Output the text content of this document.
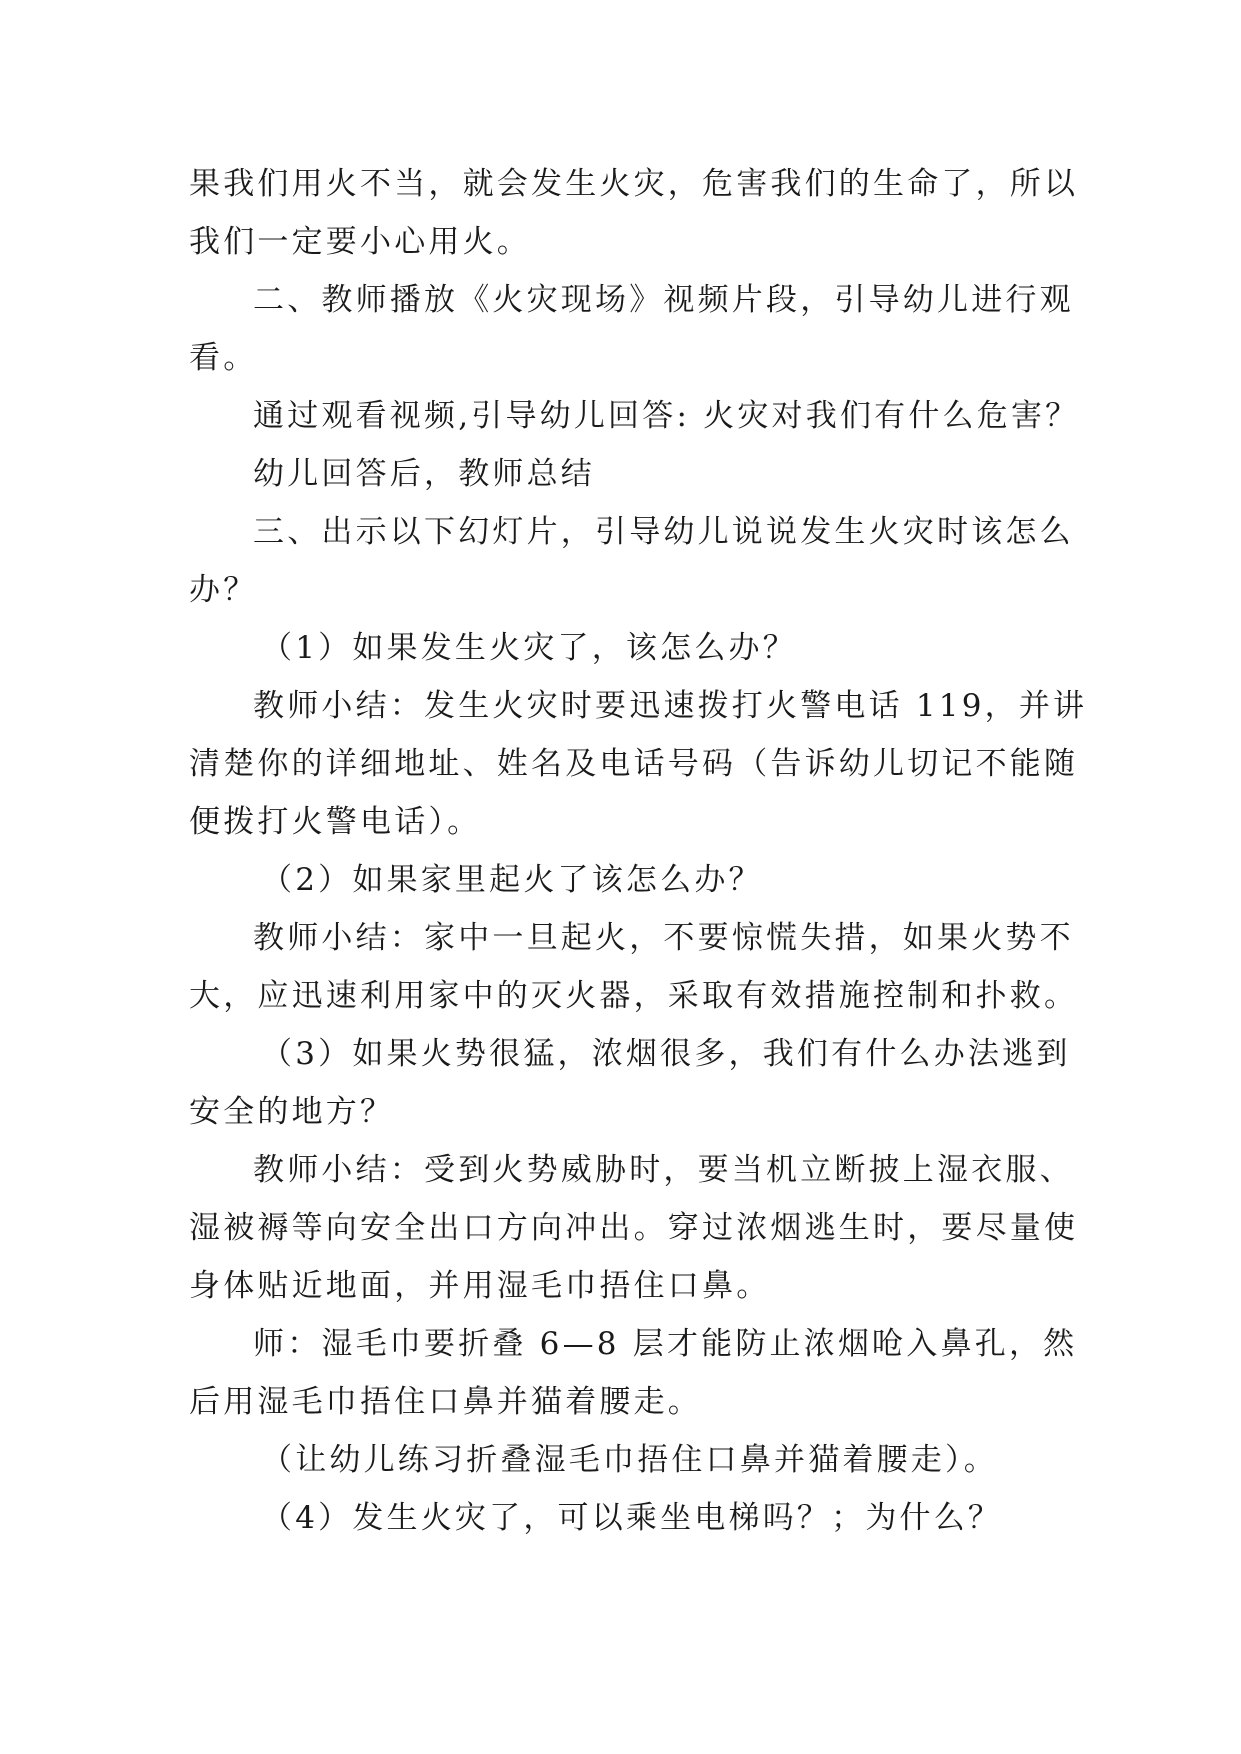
果我们用火不当，就会发生火灾，危害我们的生命了，所以
我们一定要小心用火。
二、教师播放《火灾现场》视频片段，引导幼儿进行观
看。
通过观看视频,引导幼儿回答: 火灾对我们有什么危害？
幼儿回答后，教师总结
三、出示以下幻灯片，引导幼儿说说发生火灾时该怎么
办？
（1）如果发生火灾了，该怎么办？
教师小结：发生火灾时要迅速拨打火警电话 119，并讲
清楚你的详细地址、姓名及电话号码（告诉幼儿切记不能随
便拨打火警电话）。
（2）如果家里起火了该怎么办？
教师小结：家中一旦起火，不要惊慌失措，如果火势不
大，应迅速利用家中的灭火器，采取有效措施控制和扑救。
（3）如果火势很猛，浓烟很多，我们有什么办法逃到
安全的地方？
教师小结：受到火势威胁时，要当机立断披上湿衣服、
湿被褥等向安全出口方向冲出。穿过浓烟逃生时，要尽量使
身体贴近地面，并用湿毛巾捂住口鼻。
师：湿毛巾要折叠 6—8 层才能防止浓烟呛入鼻孔，然
后用湿毛巾捂住口鼻并猫着腰走。
（让幼儿练习折叠湿毛巾捂住口鼻并猫着腰走）。
（4）发生火灾了，可以乘坐电梯吗？；为什么？
